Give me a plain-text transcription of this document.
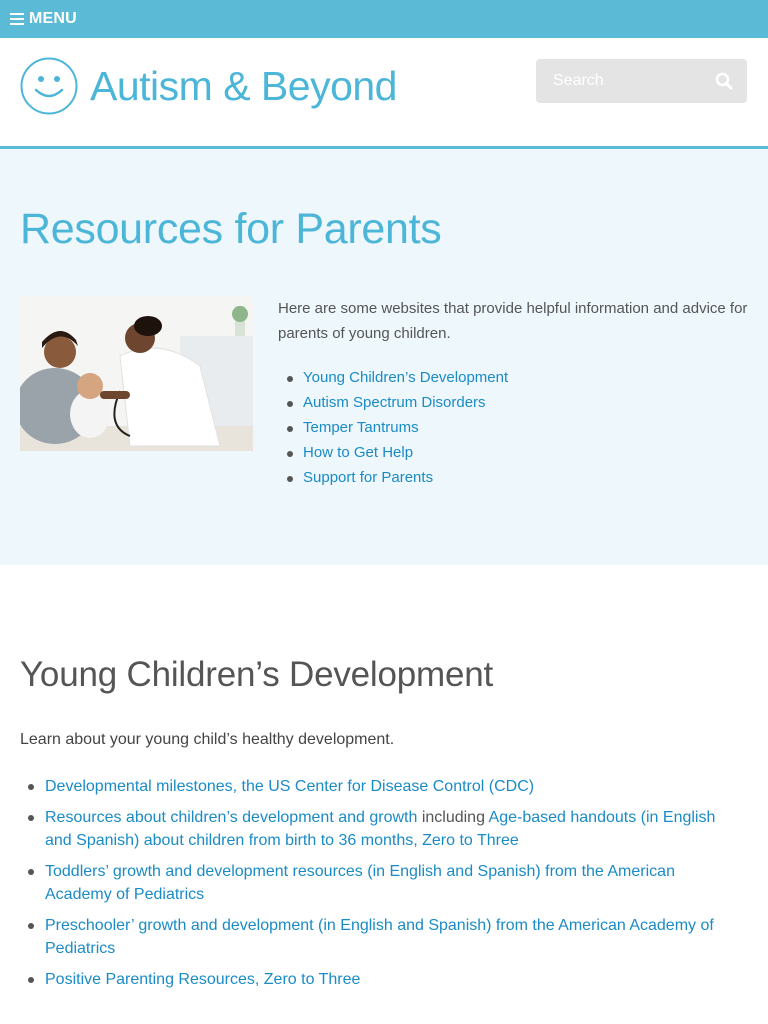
MENU
Autism & Beyond
Search
Resources for Parents

Here are some websites that provide helpful information and advice for parents of young children.

Young Children’s Development
Autism Spectrum Disorders
Temper Tantrums
How to Get Help
Support for Parents
Young Children’s Development

Learn about your young child’s healthy development.

Developmental milestones, the US Center for Disease Control (CDC)
Resources about children’s development and growth including Age-based handouts (in English and Spanish) about children from birth to 36 months, Zero to Three
Toddlers’ growth and development resources (in English and Spanish) from the American Academy of Pediatrics
Preschooler’ growth and development (in English and Spanish) from the American Academy of Pediatrics
Positive Parenting Resources, Zero to Three
